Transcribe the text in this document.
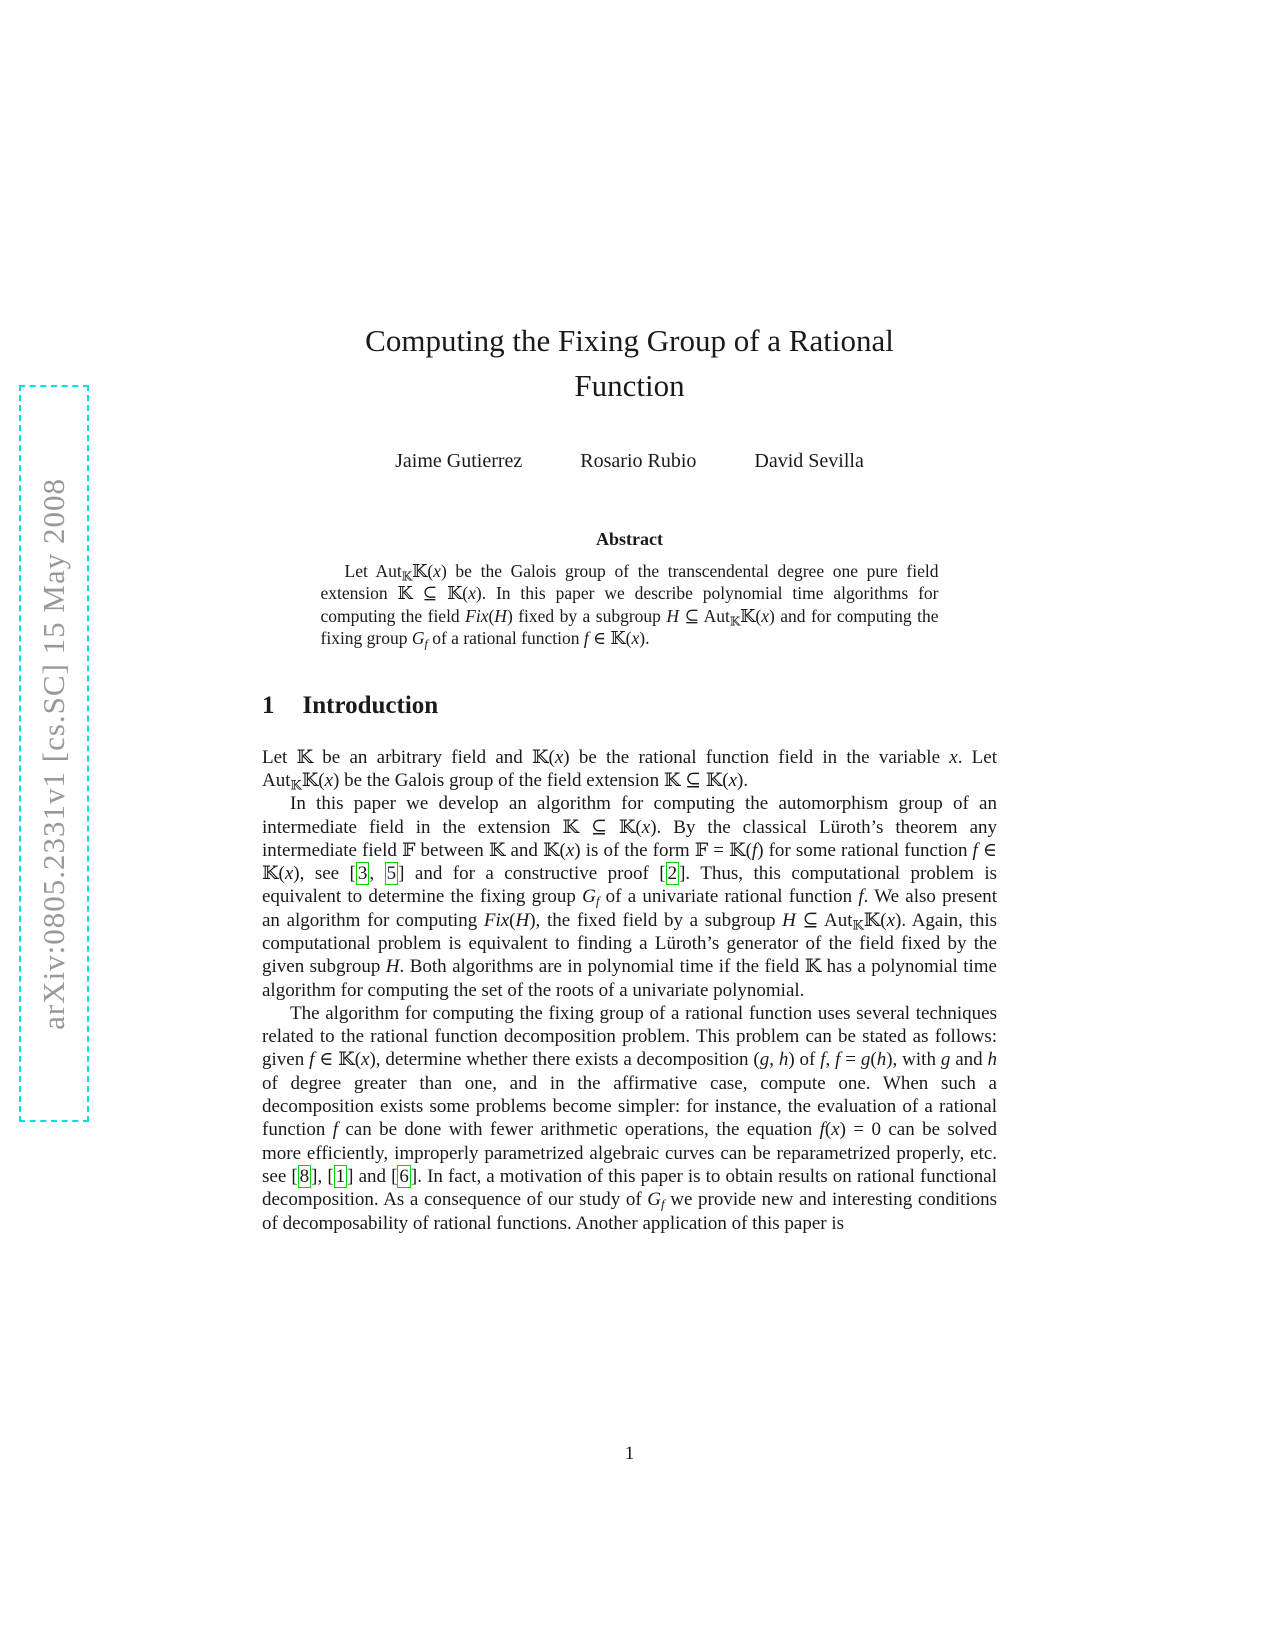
arXiv:0805.2331v1 [cs.SC] 15 May 2008
Computing the Fixing Group of a Rational Function
Jaime Gutierrez	Rosario Rubio	David Sevilla
Abstract

Let Aut$_𝕂$𝕂(x) be the Galois group of the transcendental degree one pure field extension 𝕂 ⊆ 𝕂(x). In this paper we describe polynomial time algorithms for computing the field Fix(H) fixed by a subgroup H ⊆ Aut$_𝕂$𝕂(x) and for computing the fixing group $G_f$ of a rational function f ∈ 𝕂(x).

1 Introduction

Let 𝕂 be an arbitrary field and 𝕂(x) be the rational function field in the variable x. Let Aut$_𝕂$𝕂(x) be the Galois group of the field extension 𝕂 ⊆ 𝕂(x).

In this paper we develop an algorithm for computing the automorphism group of an intermediate field in the extension 𝕂 ⊆ 𝕂(x). By the classical Lüroth’s theorem any intermediate field 𝔽 between 𝕂 and 𝕂(x) is of the form 𝔽 = 𝕂(f) for some rational function f ∈ 𝕂(x), see [ 3 , 5 ] and for a constructive proof [ 2 ]. Thus, this computational problem is equivalent to determine the fixing group $G_f$ of a univariate rational function f. We also present an algorithm for computing Fix(H), the fixed field by a subgroup H ⊆ Aut$_𝕂$𝕂(x). Again, this computational problem is equivalent to finding a Lüroth’s generator of the field fixed by the given subgroup H. Both algorithms are in polynomial time if the field 𝕂 has a polynomial time algorithm for computing the set of the roots of a univariate polynomial.

The algorithm for computing the fixing group of a rational function uses several techniques related to the rational function decomposition problem. This problem can be stated as follows: given f ∈ 𝕂(x), determine whether there exists a decomposition (g, h) of f, f = g(h), with g and h of degree greater than one, and in the affirmative case, compute one. When such a decomposition exists some problems become simpler: for instance, the evaluation of a rational function f can be done with fewer arithmetic operations, the equation f(x) = 0 can be solved more efficiently, improperly parametrized algebraic curves can be reparametrized properly, etc. see [ 8 ], [ 1 ] and [ 6 ]. In fact, a motivation of this paper is to obtain results on rational functional decomposition. As a consequence of our study of $G_f$ we provide new and interesting conditions of decomposability of rational functions. Another application of this paper is

1
